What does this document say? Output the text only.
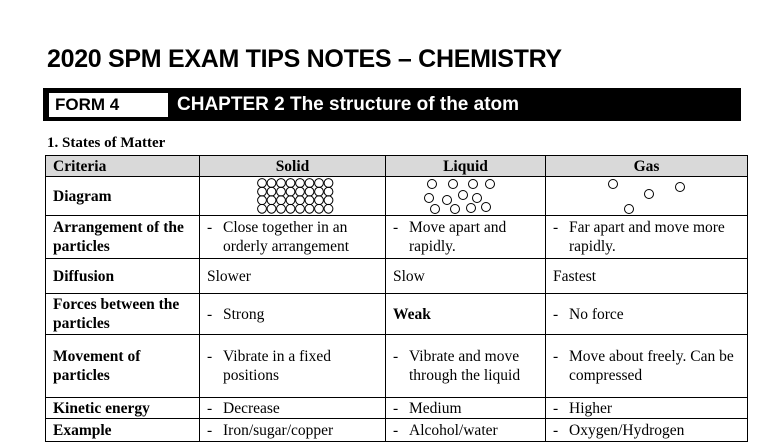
2020 SPM EXAM TIPS NOTES – CHEMISTRY
FORM 4	CHAPTER 2 The structure of the atom
1. States of Matter
Criteria	Solid	Liquid	Gas
Diagram	

Arrangement of the particles	- Close together in an orderly arrangement	- Move apart and rapidly.	- Far apart and move more rapidly.

Diffusion	Slower	Slow	Fastest
Forces between the particles	- Strong	Weak	- No force

Movement of particles	- Vibrate in a fixed positions	- Vibrate and move through the liquid	- Move about freely. Can be compressed

Kinetic energy	- Decrease	- Medium	- Higher

Example	- Iron/sugar/copper	- Alcohol/water	- Oxygen/Hydrogen
